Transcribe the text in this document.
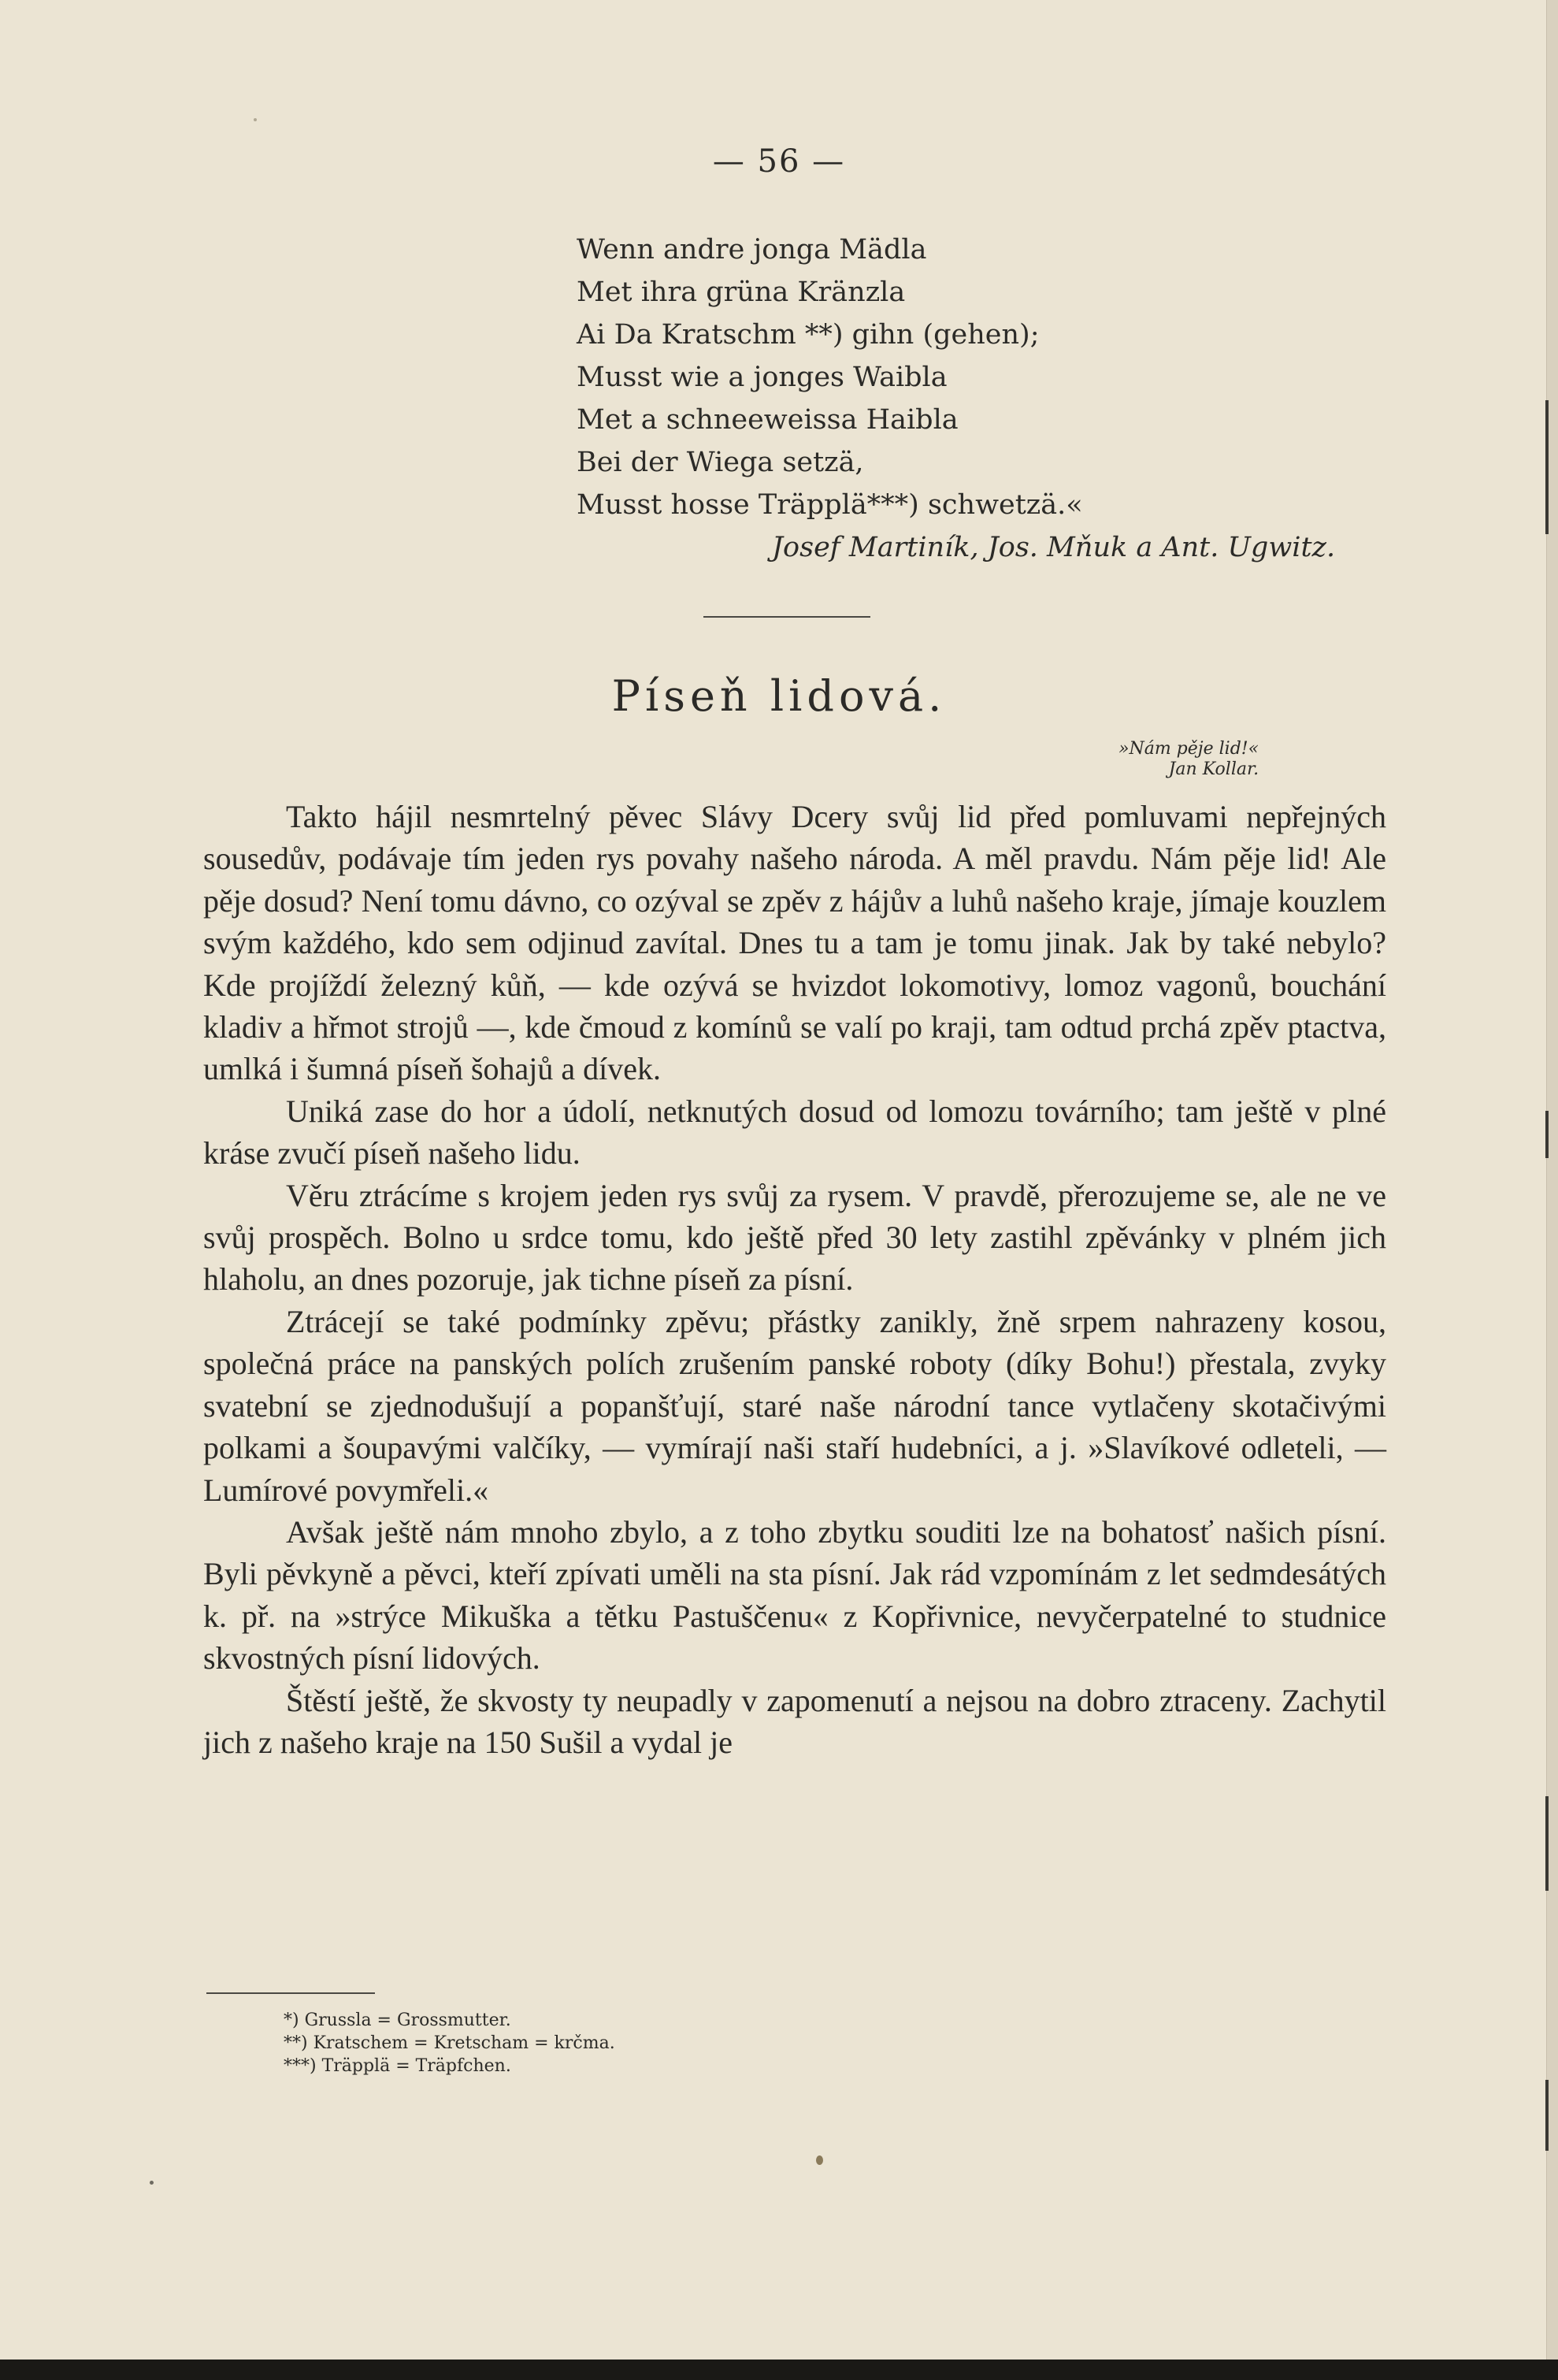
— 56 —
Wenn andre jonga Mädla
Met ihra grüna Kränzla
Ai Da Kratschm **) gihn (gehen);
Musst wie a jonges Waibla
Met a schneeweissa Haibla
Bei der Wiega setzä,
Musst hosse Träpplä***) schwetzä.«
Josef Martiník, Jos. Mňuk a Ant. Ugwitz.
Píseň lidová.
»Nám pěje lid!«
Jan Kollar.

Takto hájil nesmrtelný pěvec Slávy Dcery svůj lid před pomluvami nepřejných sousedův, podávaje tím jeden rys povahy našeho národa. A měl pravdu. Nám pěje lid! Ale pěje dosud? Není tomu dávno, co ozýval se zpěv z hájův a luhů našeho kraje, jímaje kouzlem svým každého, kdo sem odjinud zavítal. Dnes tu a tam je tomu jinak. Jak by také nebylo? Kde projíždí železný kůň, — kde ozývá se hvizdot lokomotivy, lomoz vagonů, bouchání kladiv a hřmot strojů —, kde čmoud z komínů se valí po kraji, tam odtud prchá zpěv ptactva, umlká i šumná píseň šohajů a dívek.

Uniká zase do hor a údolí, netknutých dosud od lomozu továrního; tam ještě v plné kráse zvučí píseň našeho lidu.

Věru ztrácíme s krojem jeden rys svůj za rysem. V pravdě, přerozujeme se, ale ne ve svůj prospěch. Bolno u srdce tomu, kdo ještě před 30 lety zastihl zpěvánky v plném jich hlaholu, an dnes pozoruje, jak tichne píseň za písní.

Ztrácejí se také podmínky zpěvu; přástky zanikly, žně srpem nahrazeny kosou, společná práce na panských polích zrušením panské roboty (díky Bohu!) přestala, zvyky svatební se zjednodušují a popanšťují, staré naše národní tance vytlačeny skotačivými polkami a šoupavými valčíky, — vymírají naši staří hudebníci, a j. »Slavíkové odleteli, — Lumírové povymřeli.«

Avšak ještě nám mnoho zbylo, a z toho zbytku souditi lze na bohatosť našich písní. Byli pěvkyně a pěvci, kteří zpívati uměli na sta písní. Jak rád vzpomínám z let sedmdesátých k. př. na »strýce Mikuška a tětku Pastuščenu« z Kopřivnice, nevyčerpatelné to studnice skvostných písní lidových.

Štěstí ještě, že skvosty ty neupadly v zapomenutí a nejsou na dobro ztraceny. Zachytil jich z našeho kraje na 150 Sušil a vydal je

*) Grussla = Grossmutter.
**) Kratschem = Kretscham = krčma.
***) Träpplä = Träpfchen.
